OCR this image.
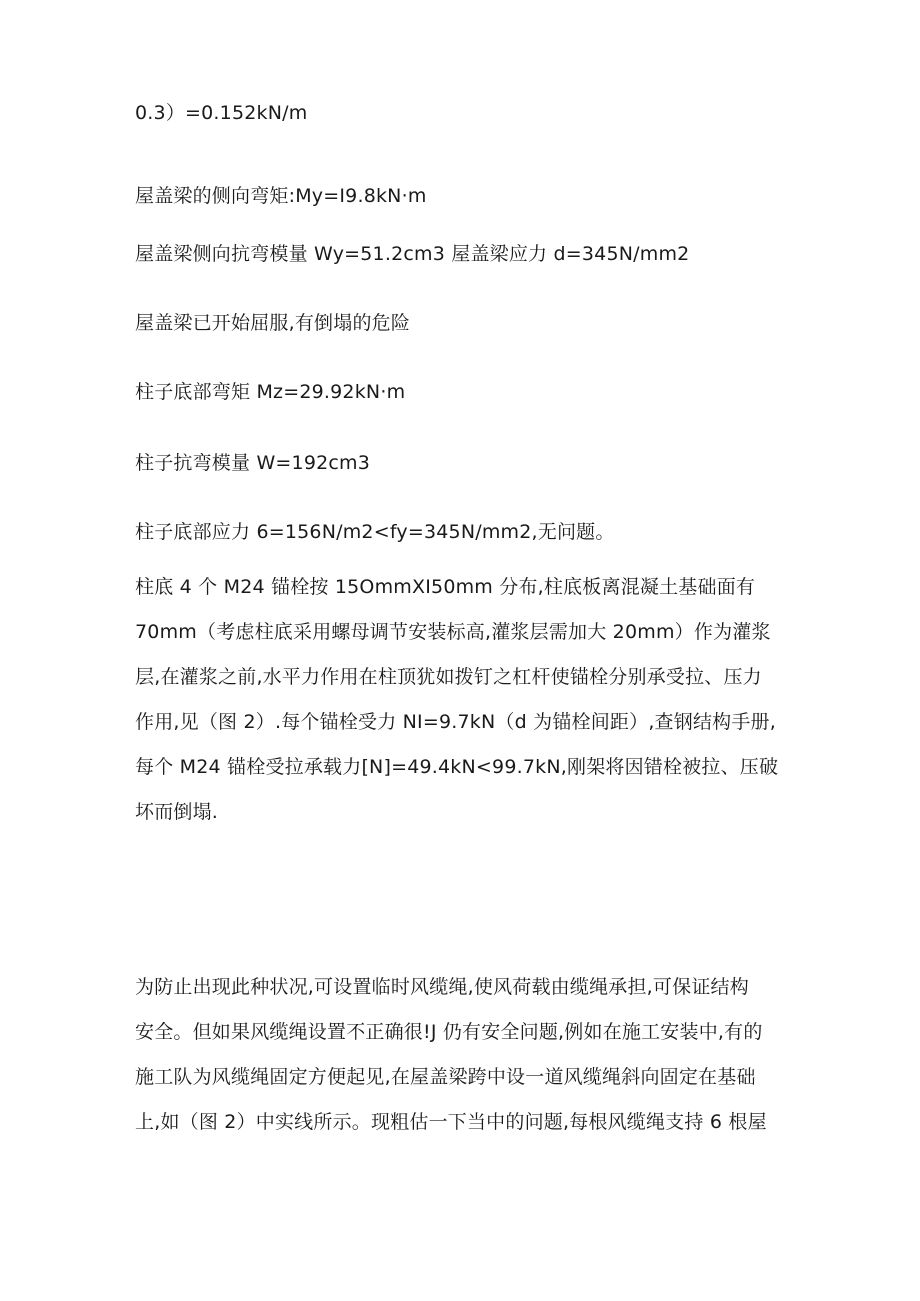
0.3）=0.152kN/m
屋盖梁的侧向弯矩:My=I9.8kN·m
屋盖梁侧向抗弯模量 Wy=51.2cm3 屋盖梁应力 d=345N/mm2
屋盖梁已开始屈服,有倒塌的危险
柱子底部弯矩 Mz=29.92kN·m
柱子抗弯模量 W=192cm3
柱子底部应力 6=156N/m2<fy=345N/mm2,无问题。
柱底 4 个 M24 锚栓按 15OmmXI50mm 分布,柱底板离混凝土基础面有
70mm（考虑柱底采用螺母调节安装标高,灌浆层需加大 20mm）作为灌浆
层,在灌浆之前,水平力作用在柱顶犹如拨钉之杠杆使锚栓分别承受拉、压力
作用,见（图 2）.每个锚栓受力 NI=9.7kN（d 为锚栓间距）,查钢结构手册,
每个 M24 锚栓受拉承载力[N]=49.4kN<99.7kN,刚架将因错栓被拉、压破
坏而倒塌.
为防止出现此种状况,可设置临时风缆绳,使风荷载由缆绳承担,可保证结构
安全。但如果风缆绳设置不正确很!J 仍有安全问题,例如在施工安装中,有的
施工队为风缆绳固定方便起见,在屋盖梁跨中设一道风缆绳斜向固定在基础
上,如（图 2）中实线所示。现粗估一下当中的问题,每根风缆绳支持 6 根屋
